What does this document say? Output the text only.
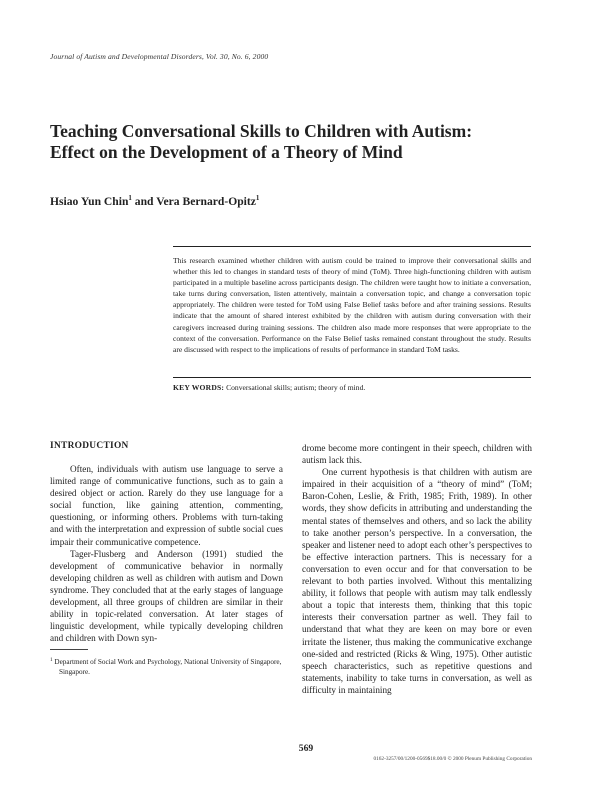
Journal of Autism and Developmental Disorders, Vol. 30, No. 6, 2000
Teaching Conversational Skills to Children with Autism:
Effect on the Development of a Theory of Mind
Hsiao Yun Chin$^1$ and Vera Bernard-Opitz$^1$
This research examined whether children with autism could be trained to improve their conversational skills and whether this led to changes in standard tests of theory of mind (ToM). Three high-functioning children with autism participated in a multiple baseline across participants design. The children were taught how to initiate a conversation, take turns during conversation, listen attentively, maintain a conversation topic, and change a conversation topic appropriately. The children were tested for ToM using False Belief tasks before and after training sessions. Results indicate that the amount of shared interest exhibited by the children with autism during conversation with their caregivers increased during training sessions. The children also made more responses that were appropriate to the context of the conversation. Performance on the False Belief tasks remained constant throughout the study. Results are discussed with respect to the implications of results of performance in standard ToM tasks.
KEY WORDS: Conversational skills; autism; theory of mind.
INTRODUCTION

Often, individuals with autism use language to serve a limited range of communicative functions, such as to gain a desired object or action. Rarely do they use language for a social function, like gaining attention, commenting, questioning, or informing others. Problems with turn-taking and with the interpretation and expression of subtle social cues impair their communicative competence.

Tager-Flusberg and Anderson (1991) studied the development of communicative behavior in normally developing children as well as children with autism and Down syndrome. They concluded that at the early stages of language development, all three groups of children are similar in their ability in topic-related conversation. At later stages of linguistic development, while typically developing children and children with Down syn-

drome become more contingent in their speech, children with autism lack this.

One current hypothesis is that children with autism are impaired in their acquisition of a “theory of mind” (ToM; Baron-Cohen, Leslie, & Frith, 1985; Frith, 1989). In other words, they show deficits in attributing and understanding the mental states of themselves and others, and so lack the ability to take another person’s perspective. In a conversation, the speaker and listener need to adopt each other’s perspectives to be effective interaction partners. This is necessary for a conversation to even occur and for that conversation to be relevant to both parties involved. Without this mentalizing ability, it follows that people with autism may talk endlessly about a topic that interests them, thinking that this topic interests their conversation partner as well. They fail to understand that what they are keen on may bore or even irritate the listener, thus making the communicative exchange one-sided and restricted (Ricks & Wing, 1975). Other autistic speech characteristics, such as repetitive questions and statements, inability to take turns in conversation, as well as difficulty in maintaining

$^1$ Department of Social Work and Psychology, National University of Singapore, Singapore.
569
0162-3257/00/1200-0569$18.00/0 © 2000 Plenum Publishing Corporation
